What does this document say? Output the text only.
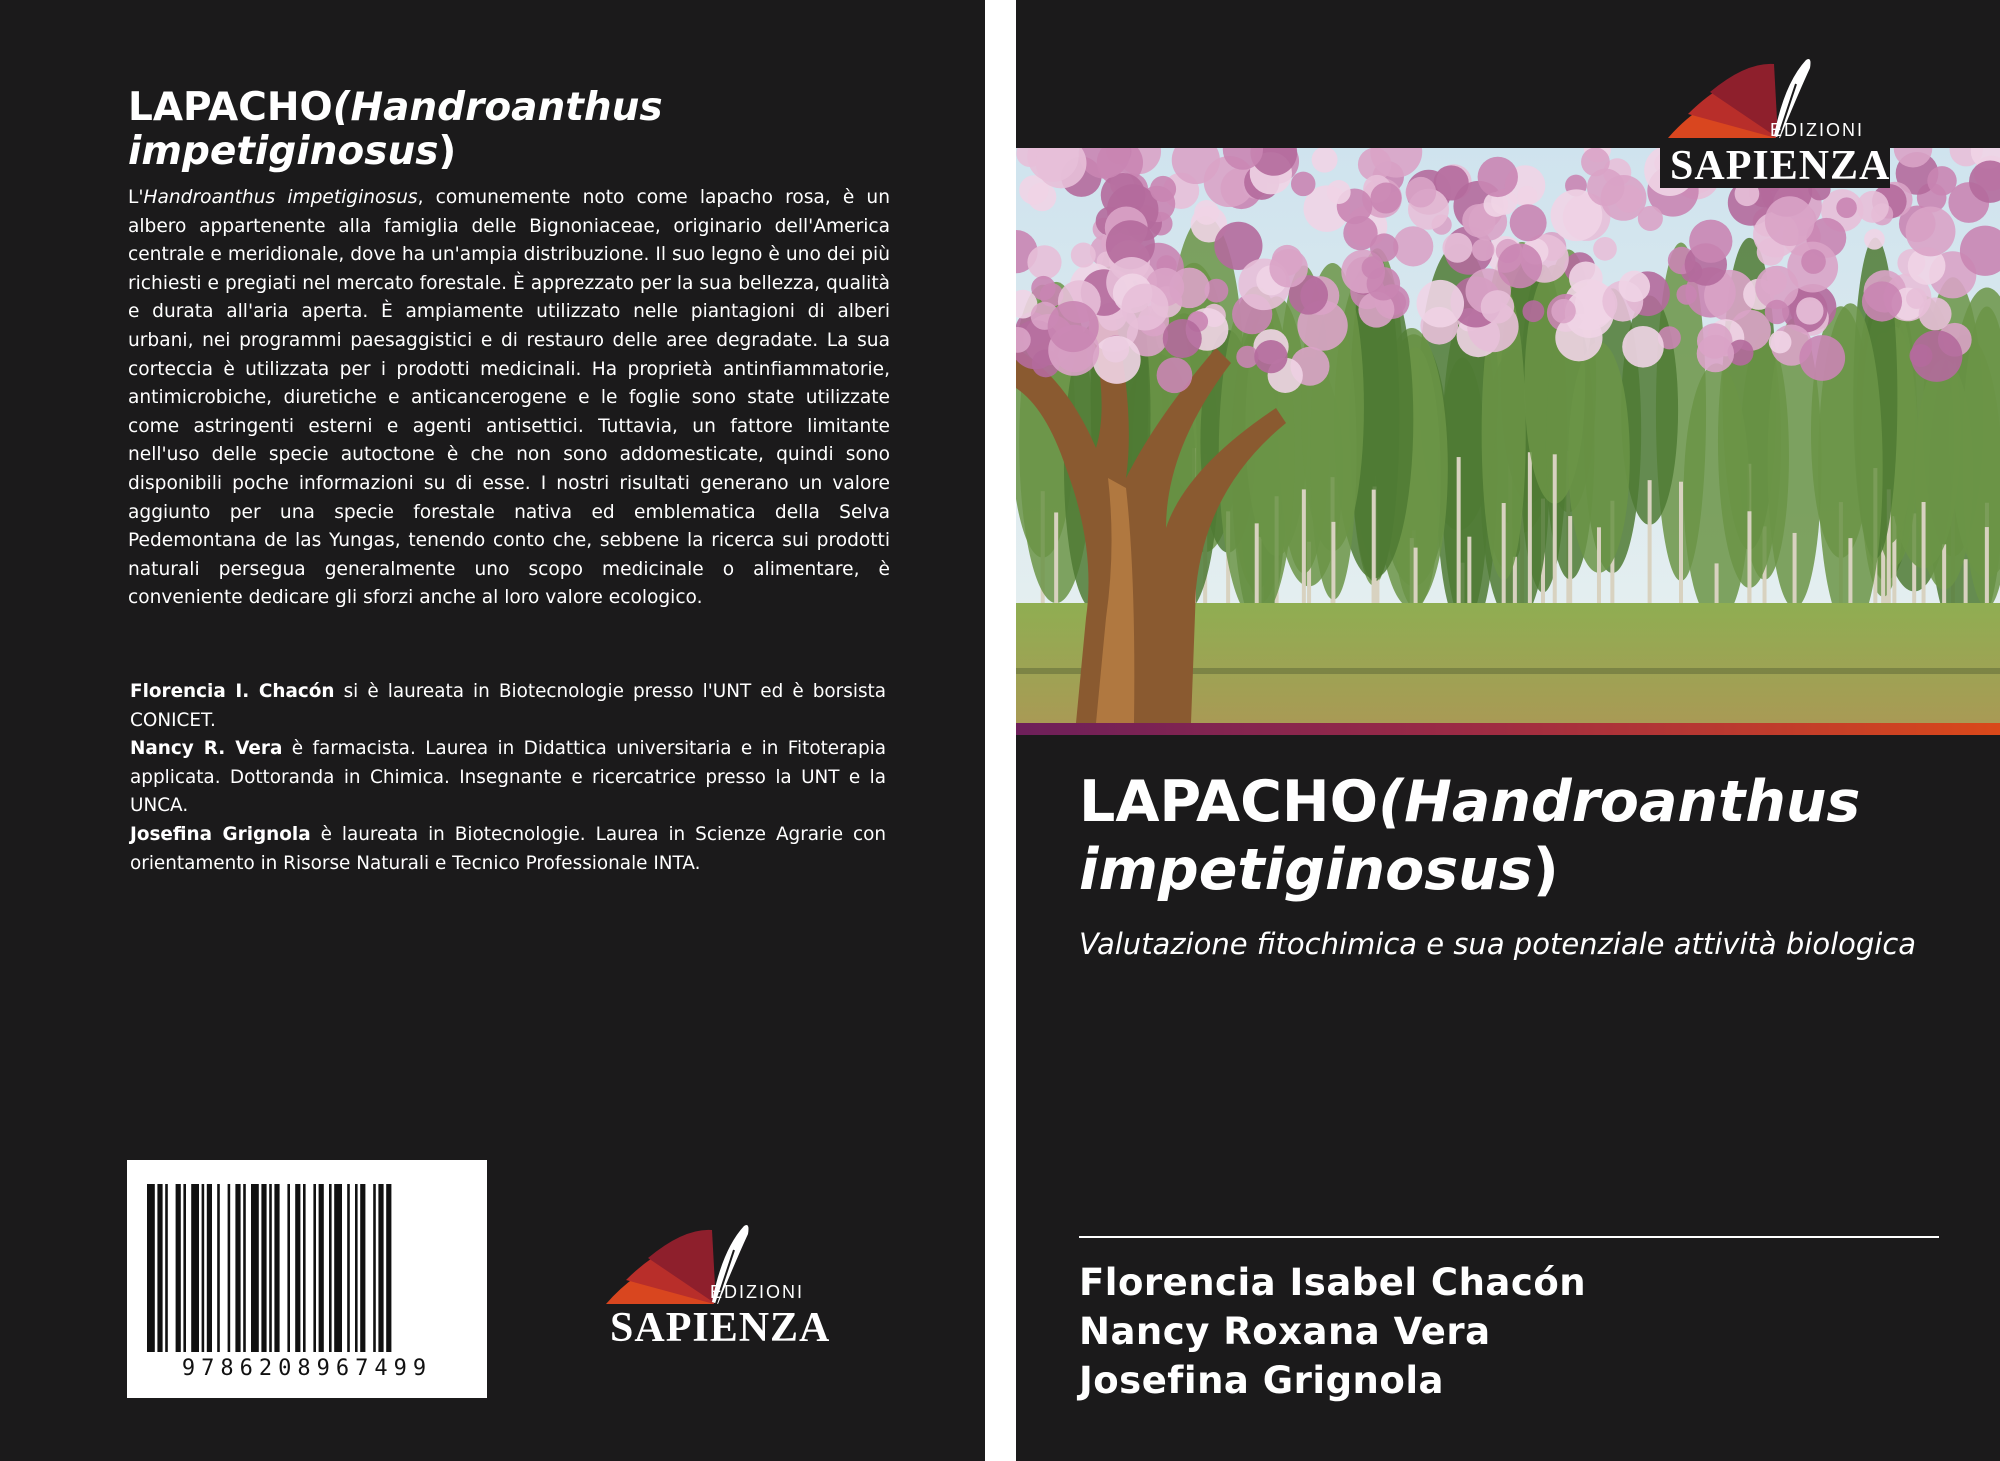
LAPACHO(Handroanthus impetiginosus)
L'Handroanthus impetiginosus, comunemente noto come lapacho rosa, è un albero appartenente alla famiglia delle Bignoniaceae, originario dell'America centrale e meridionale, dove ha un'ampia distribuzione. Il suo legno è uno dei più richiesti e pregiati nel mercato forestale. È apprezzato per la sua bellezza, qualità e durata all'aria aperta. È ampiamente utilizzato nelle piantagioni di alberi urbani, nei programmi paesaggistici e di restauro delle aree degradate. La sua corteccia è utilizzata per i prodotti medicinali. Ha proprietà antinfiammatorie, antimicrobiche, diuretiche e anticancerogene e le foglie sono state utilizzate come astringenti esterni e agenti antisettici. Tuttavia, un fattore limitante nell'uso delle specie autoctone è che non sono addomesticate, quindi sono disponibili poche informazioni su di esse. I nostri risultati generano un valore aggiunto per una specie forestale nativa ed emblematica della Selva Pedemontana de las Yungas, tenendo conto che, sebbene la ricerca sui prodotti naturali persegua generalmente uno scopo medicinale o alimentare, è conveniente dedicare gli sforzi anche al loro valore ecologico.

Florencia I. Chacón si è laureata in Biotecnologie presso l'UNT ed è borsista CONICET.

Nancy R. Vera è farmacista. Laurea in Didattica universitaria e in Fitoterapia applicata. Dottoranda in Chimica. Insegnante e ricercatrice presso la UNT e la UNCA.

Josefina Grignola è laureata in Biotecnologie. Laurea in Scienze Agrarie con orientamento in Risorse Naturali e Tecnico Professionale INTA.

9786208967499
EDIZIONI
SAPIENZA
EDIZIONI
SAPIENZA
LAPACHO(Handroanthus impetiginosus)
Valutazione fitochimica e sua potenziale attività biologica
Florencia Isabel Chacón
Nancy Roxana Vera
Josefina Grignola
